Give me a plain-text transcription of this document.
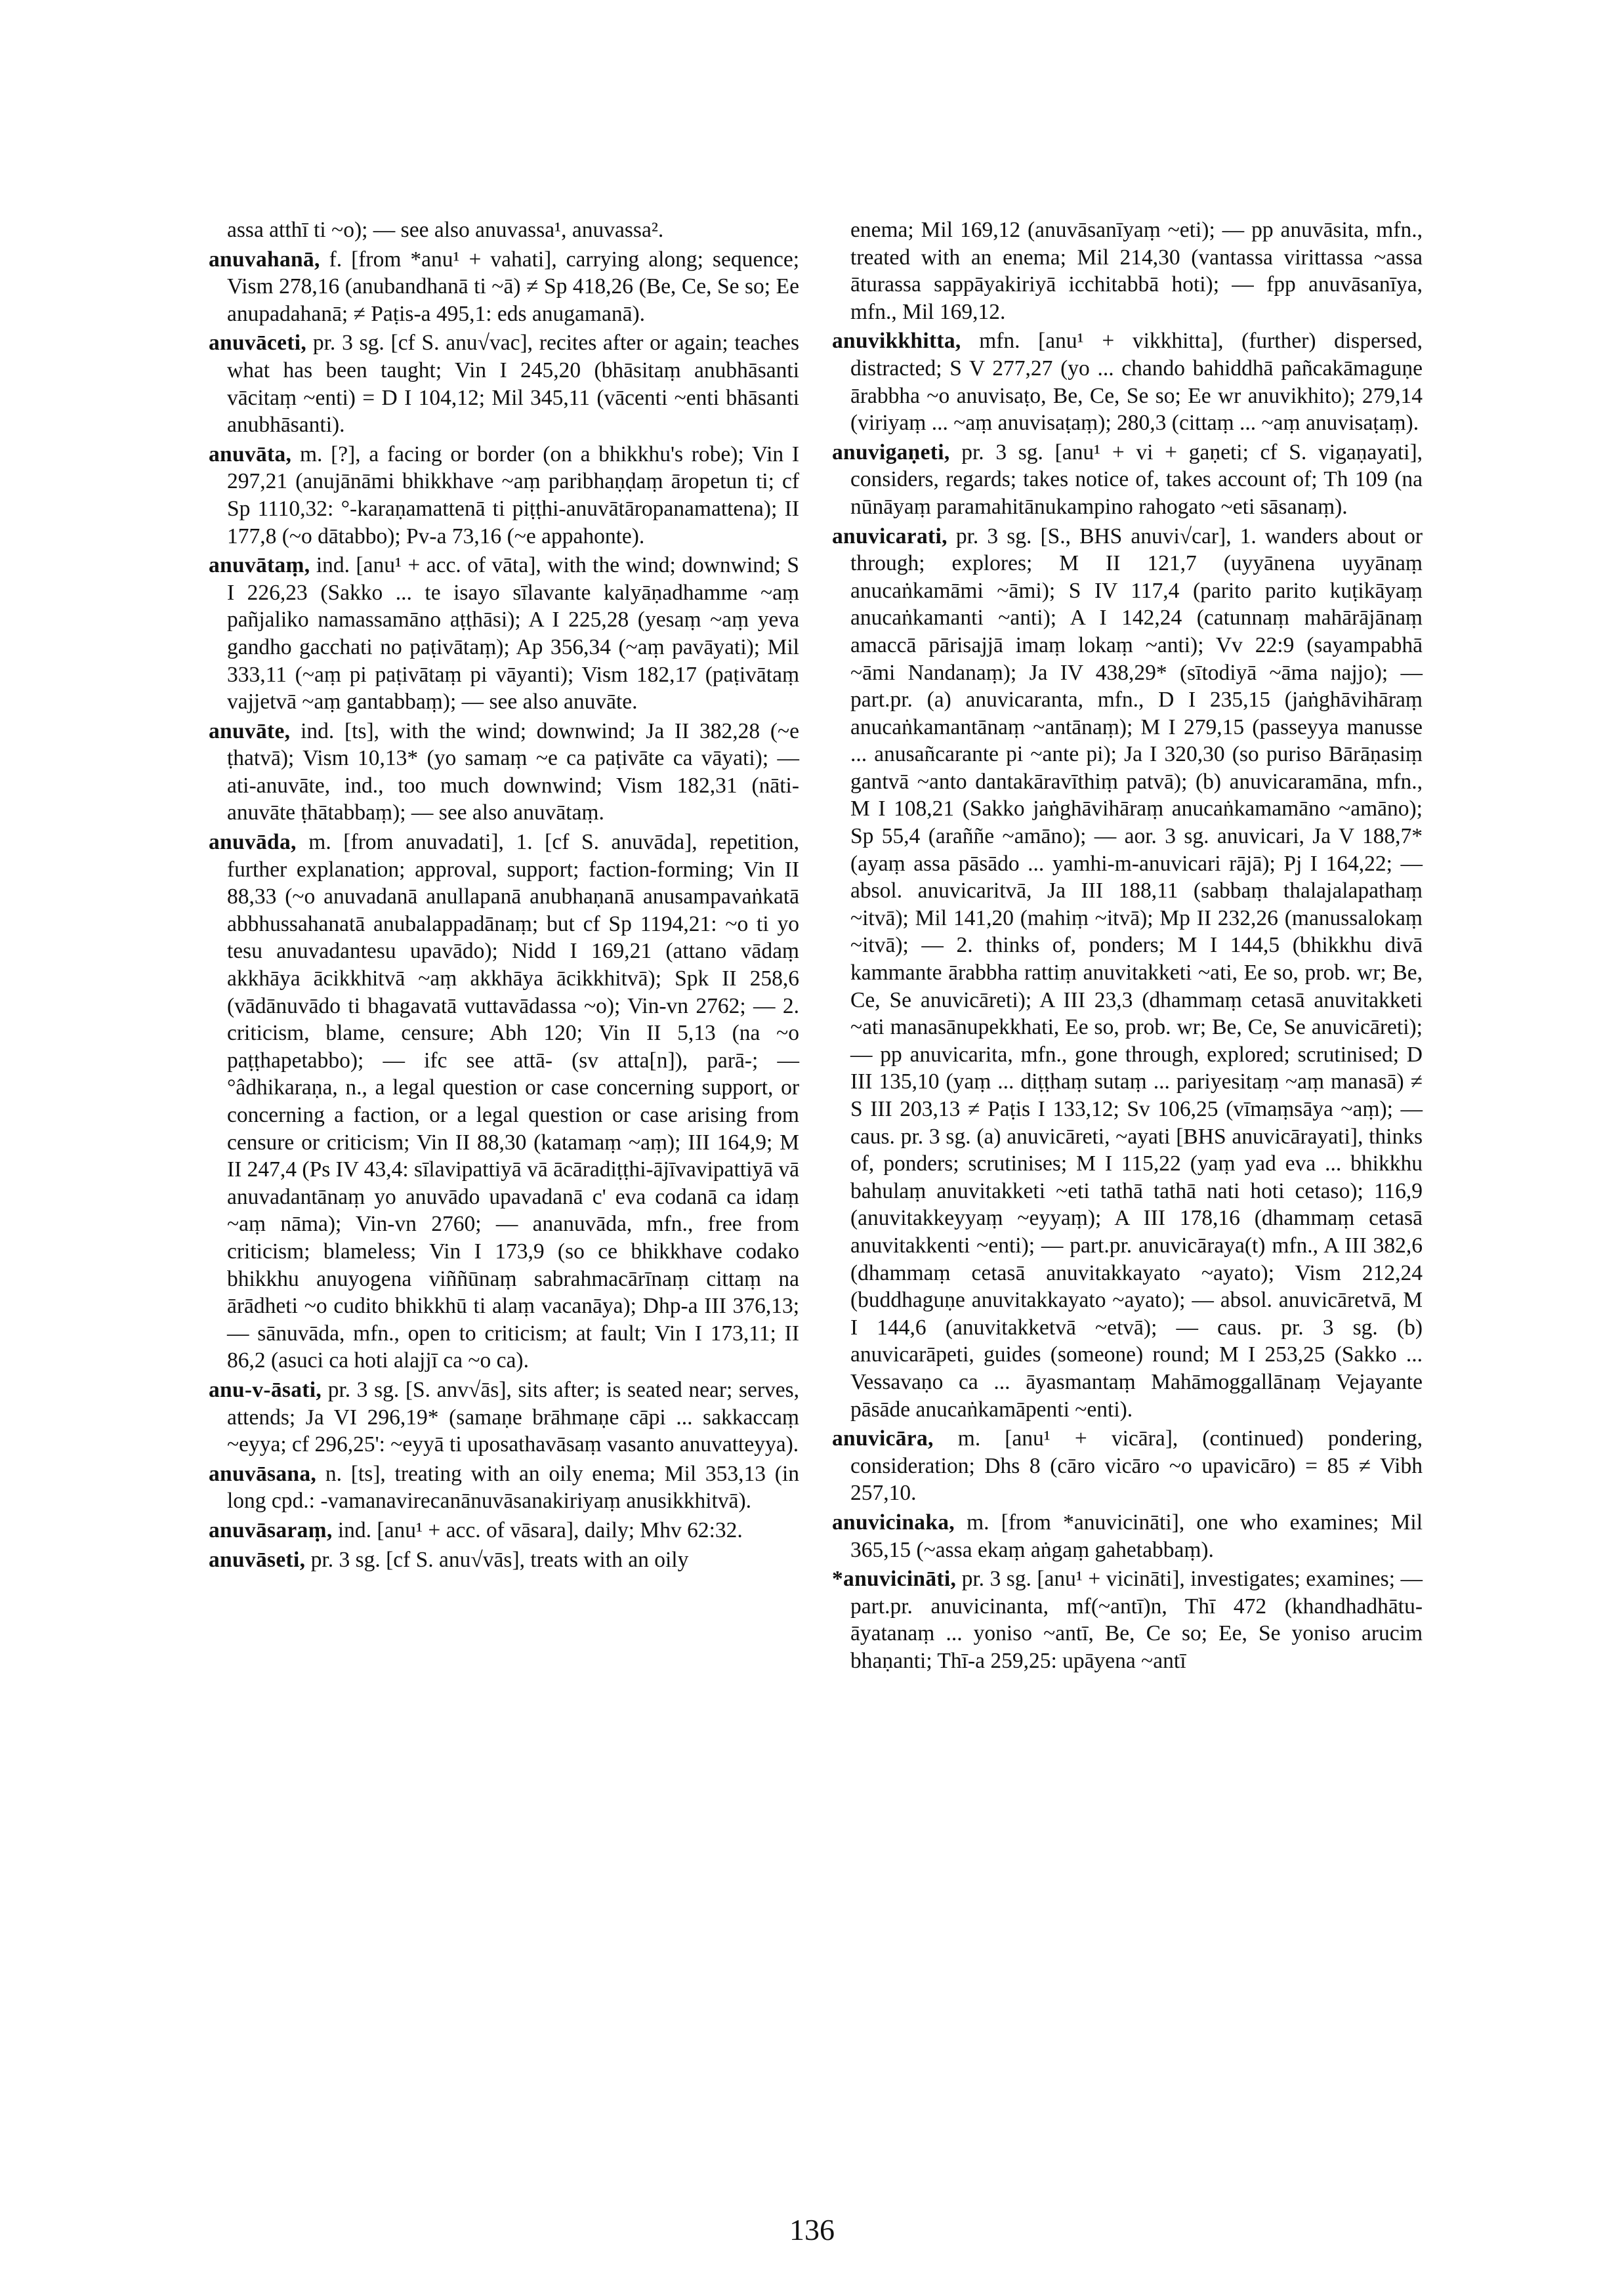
assa atthī ti ~o); — see also anuvassa¹, anuvassa².

anuvahanā, f. [from *anu¹ + vahati], carrying along; sequence; Vism 278,16 (anubandhanā ti ~ā) ≠ Sp 418,26 (Be, Ce, Se so; Ee anupadahanā; ≠ Paṭis-a 495,1: eds anugamanā).

anuvāceti, pr. 3 sg. [cf S. anu√vac], recites after or again; teaches what has been taught; Vin I 245,20 (bhāsitaṃ anubhāsanti vācitaṃ ~enti) = D I 104,12; Mil 345,11 (vācenti ~enti bhāsanti anubhāsanti).

anuvāta, m. [?], a facing or border (on a bhikkhu's robe); Vin I 297,21 (anujānāmi bhikkhave ~aṃ paribhaṇḍaṃ āropetun ti; cf Sp 1110,32: °-karaṇamattenā ti piṭṭhi-anuvātāropanamattena); II 177,8 (~o dātabbo); Pv-a 73,16 (~e appahonte).

anuvātaṃ, ind. [anu¹ + acc. of vāta], with the wind; downwind; S I 226,23 (Sakko ... te isayo sīlavante kalyāṇadhamme ~aṃ pañjaliko namassamāno aṭṭhāsi); A I 225,28 (yesaṃ ~aṃ yeva gandho gacchati no paṭivātaṃ); Ap 356,34 (~aṃ pavāyati); Mil 333,11 (~aṃ pi paṭivātaṃ pi vāyanti); Vism 182,17 (paṭivātaṃ vajjetvā ~aṃ gantabbaṃ); — see also anuvāte.

anuvāte, ind. [ts], with the wind; downwind; Ja II 382,28 (~e ṭhatvā); Vism 10,13* (yo samaṃ ~e ca paṭivāte ca vāyati); — ati-anuvāte, ind., too much downwind; Vism 182,31 (nāti-anuvāte ṭhātabbaṃ); — see also anuvātaṃ.

anuvāda, m. [from anuvadati], 1. [cf S. anuvāda], repetition, further explanation; approval, support; faction-forming; Vin II 88,33 (~o anuvadanā anullapanā anubhaṇanā anusampavaṅkatā abbhussahanatā anubalappadānaṃ; but cf Sp 1194,21: ~o ti yo tesu anuvadantesu upavādo); Nidd I 169,21 (attano vādaṃ akkhāya ācikkhitvā ~aṃ akkhāya ācikkhitvā); Spk II 258,6 (vādānuvādo ti bhagavatā vuttavādassa ~o); Vin-vn 2762; — 2. criticism, blame, censure; Abh 120; Vin II 5,13 (na ~o paṭṭhapetabbo); — ifc see attā- (sv atta[n]), parā-; — °âdhikaraṇa, n., a legal question or case concerning support, or concerning a faction, or a legal question or case arising from censure or criticism; Vin II 88,30 (katamaṃ ~aṃ); III 164,9; M II 247,4 (Ps IV 43,4: sīlavipattiyā vā ācāradiṭṭhi-ājīvavipattiyā vā anuvadantānaṃ yo anuvādo upavadanā c' eva codanā ca idaṃ ~aṃ nāma); Vin-vn 2760; — ananuvāda, mfn., free from criticism; blameless; Vin I 173,9 (so ce bhikkhave codako bhikkhu anuyogena viññūnaṃ sabrahmacārīnaṃ cittaṃ na ārādheti ~o cudito bhikkhū ti alaṃ vacanāya); Dhp-a III 376,13; — sānuvāda, mfn., open to criticism; at fault; Vin I 173,11; II 86,2 (asuci ca hoti alajjī ca ~o ca).

anu-v-āsati, pr. 3 sg. [S. anv√ās], sits after; is seated near; serves, attends; Ja VI 296,19* (samaṇe brāhmaṇe cāpi ... sakkaccaṃ ~eyya; cf 296,25': ~eyyā ti uposathavāsaṃ vasanto anuvatteyya).

anuvāsana, n. [ts], treating with an oily enema; Mil 353,13 (in long cpd.: -vamanavirecanānuvāsanakiriyaṃ anusikkhitvā).

anuvāsaraṃ, ind. [anu¹ + acc. of vāsara], daily; Mhv 62:32.

anuvāseti, pr. 3 sg. [cf S. anu√vās], treats with an oily

enema; Mil 169,12 (anuvāsanīyaṃ ~eti); — pp anuvāsita, mfn., treated with an enema; Mil 214,30 (vantassa virittassa ~assa āturassa sappāyakiriyā icchitabbā hoti); — fpp anuvāsanīya, mfn., Mil 169,12.

anuvikkhitta, mfn. [anu¹ + vikkhitta], (further) dispersed, distracted; S V 277,27 (yo ... chando bahiddhā pañcakāmaguṇe ārabbha ~o anuvisaṭo, Be, Ce, Se so; Ee wr anuvikhito); 279,14 (viriyaṃ ... ~aṃ anuvisaṭaṃ); 280,3 (cittaṃ ... ~aṃ anuvisaṭaṃ).

anuvigaṇeti, pr. 3 sg. [anu¹ + vi + gaṇeti; cf S. vigaṇayati], considers, regards; takes notice of, takes account of; Th 109 (na nūnāyaṃ paramahitānukampino rahogato ~eti sāsanaṃ).

anuvicarati, pr. 3 sg. [S., BHS anuvi√car], 1. wanders about or through; explores; M II 121,7 (uyyānena uyyānaṃ anucaṅkamāmi ~āmi); S IV 117,4 (parito parito kuṭikāyaṃ anucaṅkamanti ~anti); A I 142,24 (catunnaṃ mahārājānaṃ amaccā pārisajjā imaṃ lokaṃ ~anti); Vv 22:9 (sayampabhā ~āmi Nandanaṃ); Ja IV 438,29* (sītodiyā ~āma najjo); — part.pr. (a) anuvicaranta, mfn., D I 235,15 (jaṅghāvihāraṃ anucaṅkamantānaṃ ~antānaṃ); M I 279,15 (passeyya manusse ... anusañcarante pi ~ante pi); Ja I 320,30 (so puriso Bārāṇasiṃ gantvā ~anto dantakāravīthiṃ patvā); (b) anuvicaramāna, mfn., M I 108,21 (Sakko jaṅghāvihāraṃ anucaṅkamamāno ~amāno); Sp 55,4 (araññe ~amāno); — aor. 3 sg. anuvicari, Ja V 188,7* (ayaṃ assa pāsādo ... yamhi-m-anuvicari rājā); Pj I 164,22; — absol. anuvicaritvā, Ja III 188,11 (sabbaṃ thalajalapathaṃ ~itvā); Mil 141,20 (mahiṃ ~itvā); Mp II 232,26 (manussalokaṃ ~itvā); — 2. thinks of, ponders; M I 144,5 (bhikkhu divā kammante ārabbha rattiṃ anuvitakketi ~ati, Ee so, prob. wr; Be, Ce, Se anuvicāreti); A III 23,3 (dhammaṃ cetasā anuvitakketi ~ati manasānupekkhati, Ee so, prob. wr; Be, Ce, Se anuvicāreti); — pp anuvicarita, mfn., gone through, explored; scrutinised; D III 135,10 (yaṃ ... diṭṭhaṃ sutaṃ ... pariyesitaṃ ~aṃ manasā) ≠ S III 203,13 ≠ Paṭis I 133,12; Sv 106,25 (vīmaṃsāya ~aṃ); — caus. pr. 3 sg. (a) anuvicāreti, ~ayati [BHS anuvicārayati], thinks of, ponders; scrutinises; M I 115,22 (yaṃ yad eva ... bhikkhu bahulaṃ anuvitakketi ~eti tathā tathā nati hoti cetaso); 116,9 (anuvitakkeyyaṃ ~eyyaṃ); A III 178,16 (dhammaṃ cetasā anuvitakkenti ~enti); — part.pr. anuvicāraya(t) mfn., A III 382,6 (dhammaṃ cetasā anuvitakkayato ~ayato); Vism 212,24 (buddhaguṇe anuvitakkayato ~ayato); — absol. anuvicāretvā, M I 144,6 (anuvitakketvā ~etvā); — caus. pr. 3 sg. (b) anuvicarāpeti, guides (someone) round; M I 253,25 (Sakko ... Vessavaṇo ca ... āyasmantaṃ Mahāmoggallānaṃ Vejayante pāsāde anucaṅkamāpenti ~enti).

anuvicāra, m. [anu¹ + vicāra], (continued) pondering, consideration; Dhs 8 (cāro vicāro ~o upavicāro) = 85 ≠ Vibh 257,10.

anuvicinaka, m. [from *anuvicināti], one who examines; Mil 365,15 (~assa ekaṃ aṅgaṃ gahetabbaṃ).

*anuvicināti, pr. 3 sg. [anu¹ + vicināti], investigates; examines; — part.pr. anuvicinanta, mf(~antī)n, Thī 472 (khandhadhātu-āyatanaṃ ... yoniso ~antī, Be, Ce so; Ee, Se yoniso arucim bhaṇanti; Thī-a 259,25: upāyena ~antī

136
